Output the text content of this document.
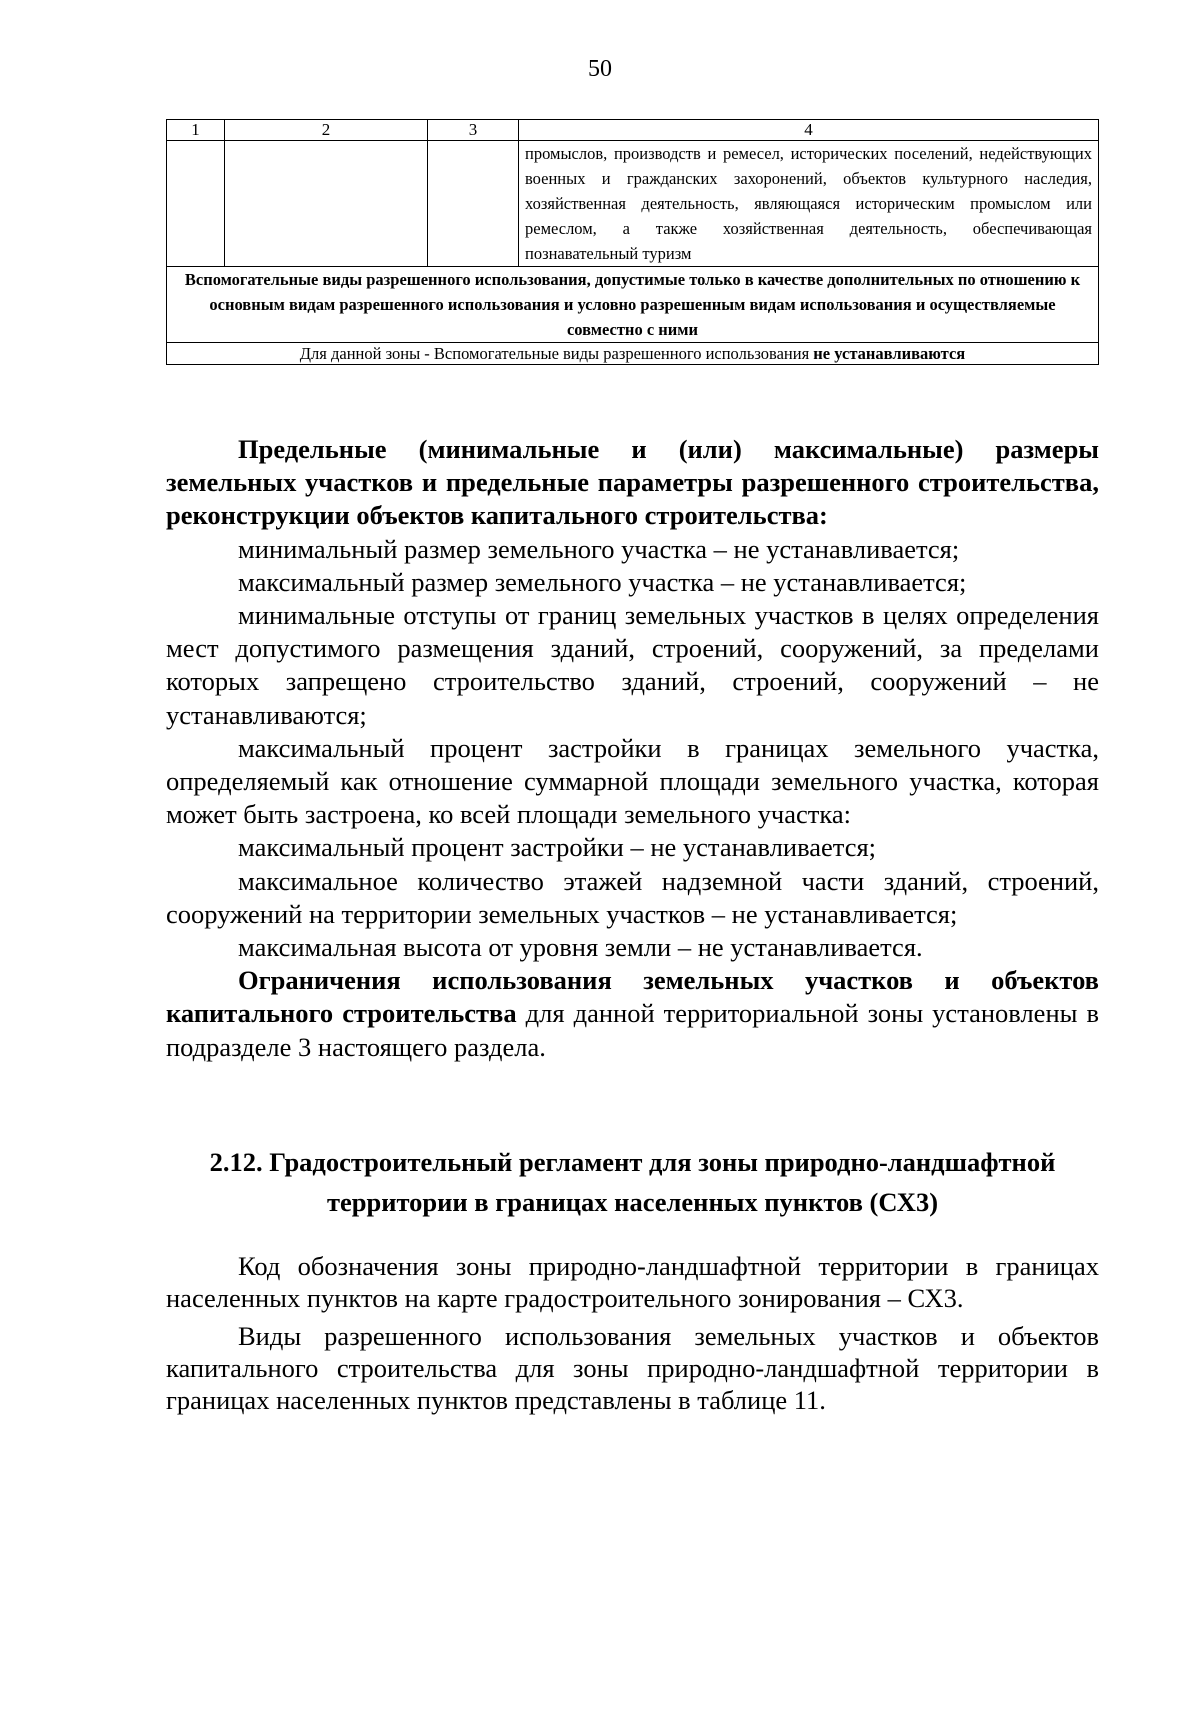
50
1	2	3	4
			промыслов, производств и ремесел, исторических поселений, недействующих военных и гражданских захоронений, объектов культурного наследия, хозяйственная деятельность, являющаяся историческим промыслом или ремеслом, а также хозяйственная деятельность, обеспечивающая познавательный туризм
Вспомогательные виды разрешенного использования, допустимые только в качестве дополнительных по отношению к основным видам разрешенного использования и условно разрешенным видам использования и осуществляемые совместно с ними			
Для данной зоны - Вспомогательные виды разрешенного использования не устанавливаются			

Предельные (минимальные и (или) максимальные) размеры земельных участков и предельные параметры разрешенного строительства, реконструкции объектов капитального строительства:

минимальный размер земельного участка – не устанавливается;

максимальный размер земельного участка – не устанавливается;

минимальные отступы от границ земельных участков в целях определения мест допустимого размещения зданий, строений, сооружений, за пределами которых запрещено строительство зданий, строений, сооружений – не устанавливаются;

максимальный процент застройки в границах земельного участка, определяемый как отношение суммарной площади земельного участка, которая может быть застроена, ко всей площади земельного участка:

максимальный процент застройки – не устанавливается;

максимальное количество этажей надземной части зданий, строений, сооружений на территории земельных участков – не устанавливается;

максимальная высота от уровня земли – не устанавливается.

Ограничения использования земельных участков и объектов капитального строительства для данной территориальной зоны установлены в подразделе 3 настоящего раздела.

2.12. Градостроительный регламент для зоны природно-ландшафтной территории в границах населенных пунктов (СХ3)

Код обозначения зоны природно-ландшафтной территории в границах населенных пунктов на карте градостроительного зонирования – СХ3.

Виды разрешенного использования земельных участков и объектов капитального строительства для зоны природно-ландшафтной территории в границах населенных пунктов представлены в таблице 11.
